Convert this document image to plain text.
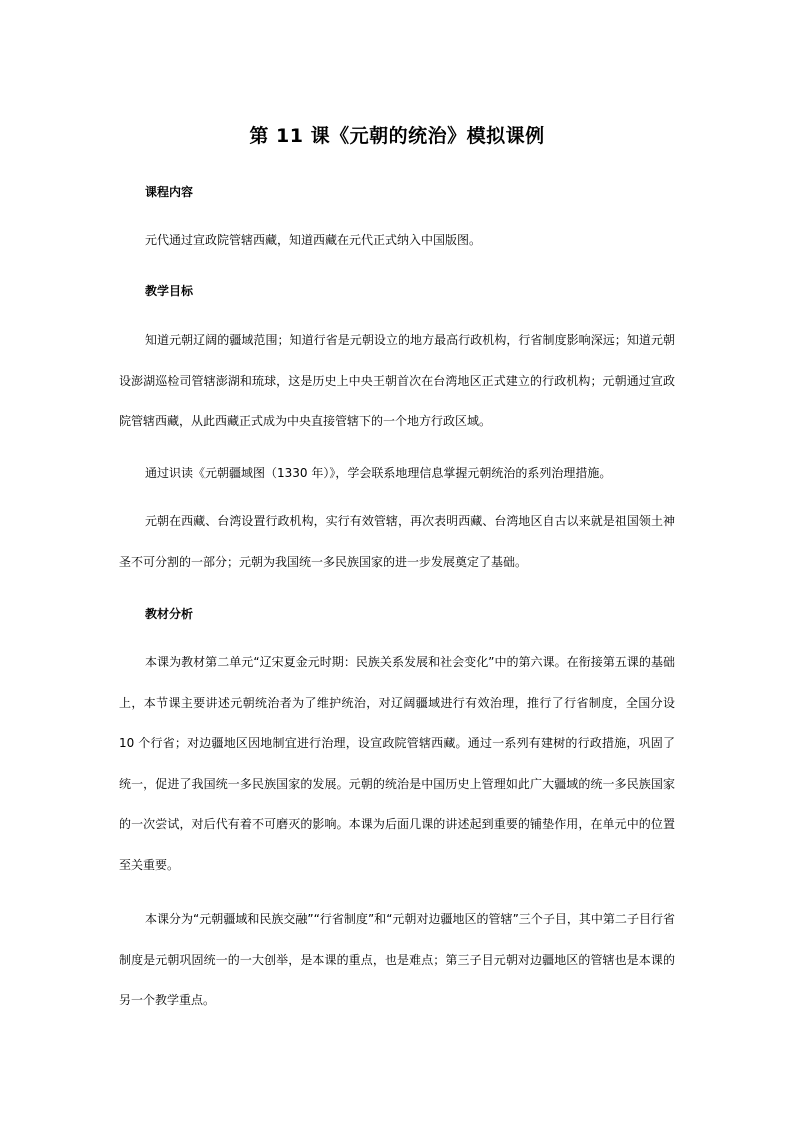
第 11 课《元朝的统治》模拟课例
课程内容

元代通过宣政院管辖西藏，知道西藏在元代正式纳入中国版图。

教学目标

知道元朝辽阔的疆域范围；知道行省是元朝设立的地方最高行政机构，行省制度影响深远；知道元朝设澎湖巡检司管辖澎湖和琉球，这是历史上中央王朝首次在台湾地区正式建立的行政机构；元朝通过宣政院管辖西藏，从此西藏正式成为中央直接管辖下的一个地方行政区域。

通过识读《元朝疆域图（1330 年）》，学会联系地理信息掌握元朝统治的系列治理措施。

元朝在西藏、台湾设置行政机构，实行有效管辖，再次表明西藏、台湾地区自古以来就是祖国领土神圣不可分割的一部分；元朝为我国统一多民族国家的进一步发展奠定了基础。

教材分析

本课为教材第二单元“辽宋夏金元时期：民族关系发展和社会变化”中的第六课。在衔接第五课的基础上，本节课主要讲述元朝统治者为了维护统治，对辽阔疆域进行有效治理，推行了行省制度，全国分设 10 个行省；对边疆地区因地制宜进行治理，设宣政院管辖西藏。通过一系列有建树的行政措施，巩固了统一，促进了我国统一多民族国家的发展。元朝的统治是中国历史上管理如此广大疆域的统一多民族国家的一次尝试，对后代有着不可磨灭的影响。本课为后面几课的讲述起到重要的铺垫作用，在单元中的位置至关重要。

本课分为“元朝疆域和民族交融”“行省制度”和“元朝对边疆地区的管辖”三个子目，其中第二子目行省制度是元朝巩固统一的一大创举，是本课的重点，也是难点；第三子目元朝对边疆地区的管辖也是本课的另一个教学重点。
